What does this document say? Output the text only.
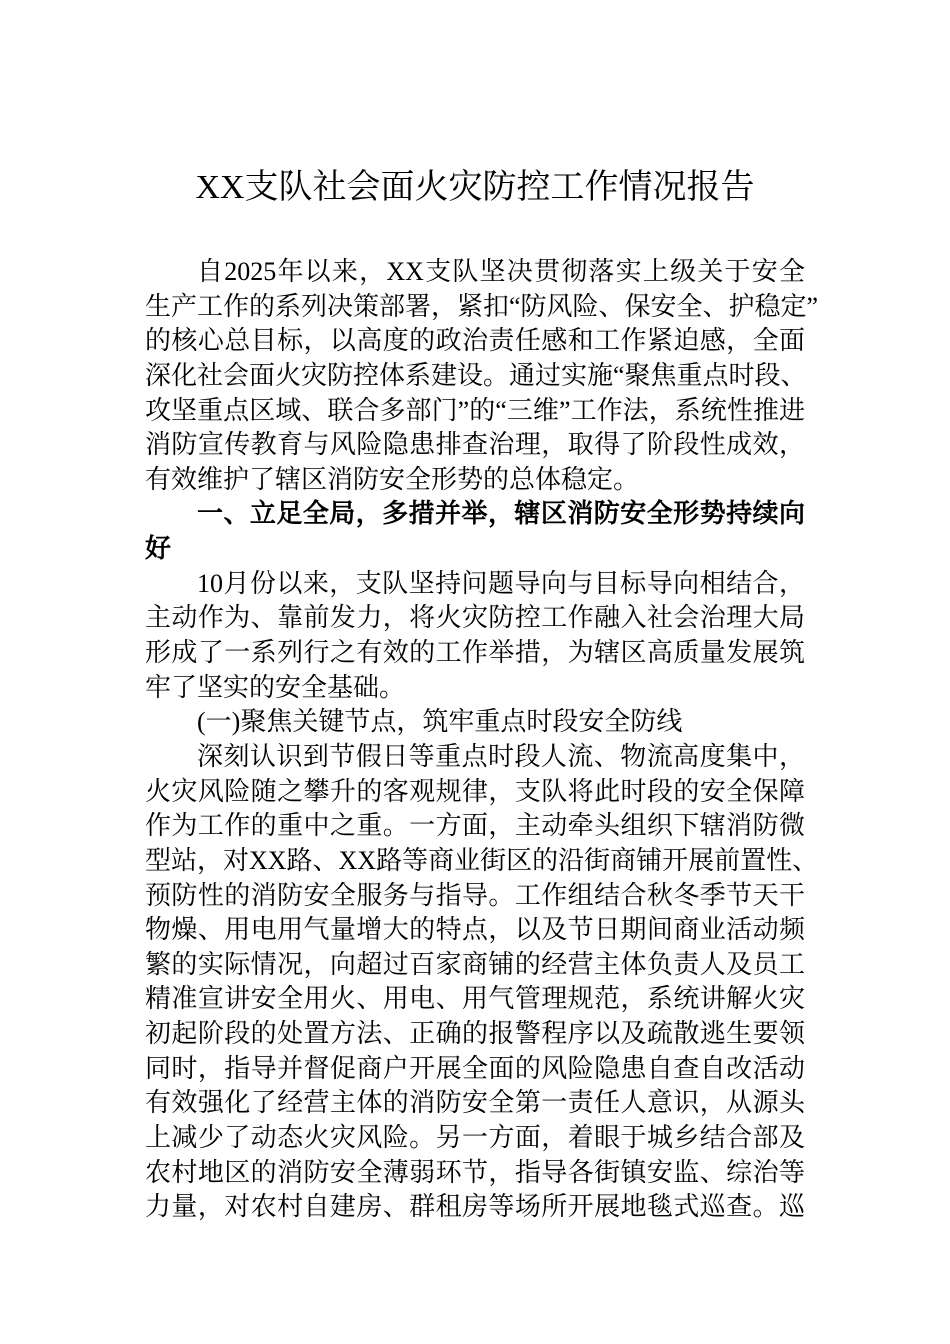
XX支队社会面火灾防控工作情况报告
自2025年以来，XX支队坚决贯彻落实上级关于安全
生产工作的系列决策部署，紧扣“防风险、保安全、护稳定”
的核心总目标，以高度的政治责任感和工作紧迫感，全面
深化社会面火灾防控体系建设。通过实施“聚焦重点时段、
攻坚重点区域、联合多部门”的“三维”工作法，系统性推进
消防宣传教育与风险隐患排查治理，取得了阶段性成效，
有效维护了辖区消防安全形势的总体稳定。
一、立足全局，多措并举，辖区消防安全形势持续向
好
10月份以来，支队坚持问题导向与目标导向相结合，
主动作为、靠前发力，将火灾防控工作融入社会治理大局
形成了一系列行之有效的工作举措，为辖区高质量发展筑
牢了坚实的安全基础。
(一)聚焦关键节点，筑牢重点时段安全防线
深刻认识到节假日等重点时段人流、物流高度集中，
火灾风险随之攀升的客观规律，支队将此时段的安全保障
作为工作的重中之重。一方面，主动牵头组织下辖消防微
型站，对XX路、XX路等商业街区的沿街商铺开展前置性、
预防性的消防安全服务与指导。工作组结合秋冬季节天干
物燥、用电用气量增大的特点，以及节日期间商业活动频
繁的实际情况，向超过百家商铺的经营主体负责人及员工
精准宣讲安全用火、用电、用气管理规范，系统讲解火灾
初起阶段的处置方法、正确的报警程序以及疏散逃生要领
同时，指导并督促商户开展全面的风险隐患自查自改活动
有效强化了经营主体的消防安全第一责任人意识，从源头
上减少了动态火灾风险。另一方面，着眼于城乡结合部及
农村地区的消防安全薄弱环节，指导各街镇安监、综治等
力量，对农村自建房、群租房等场所开展地毯式巡查。巡
